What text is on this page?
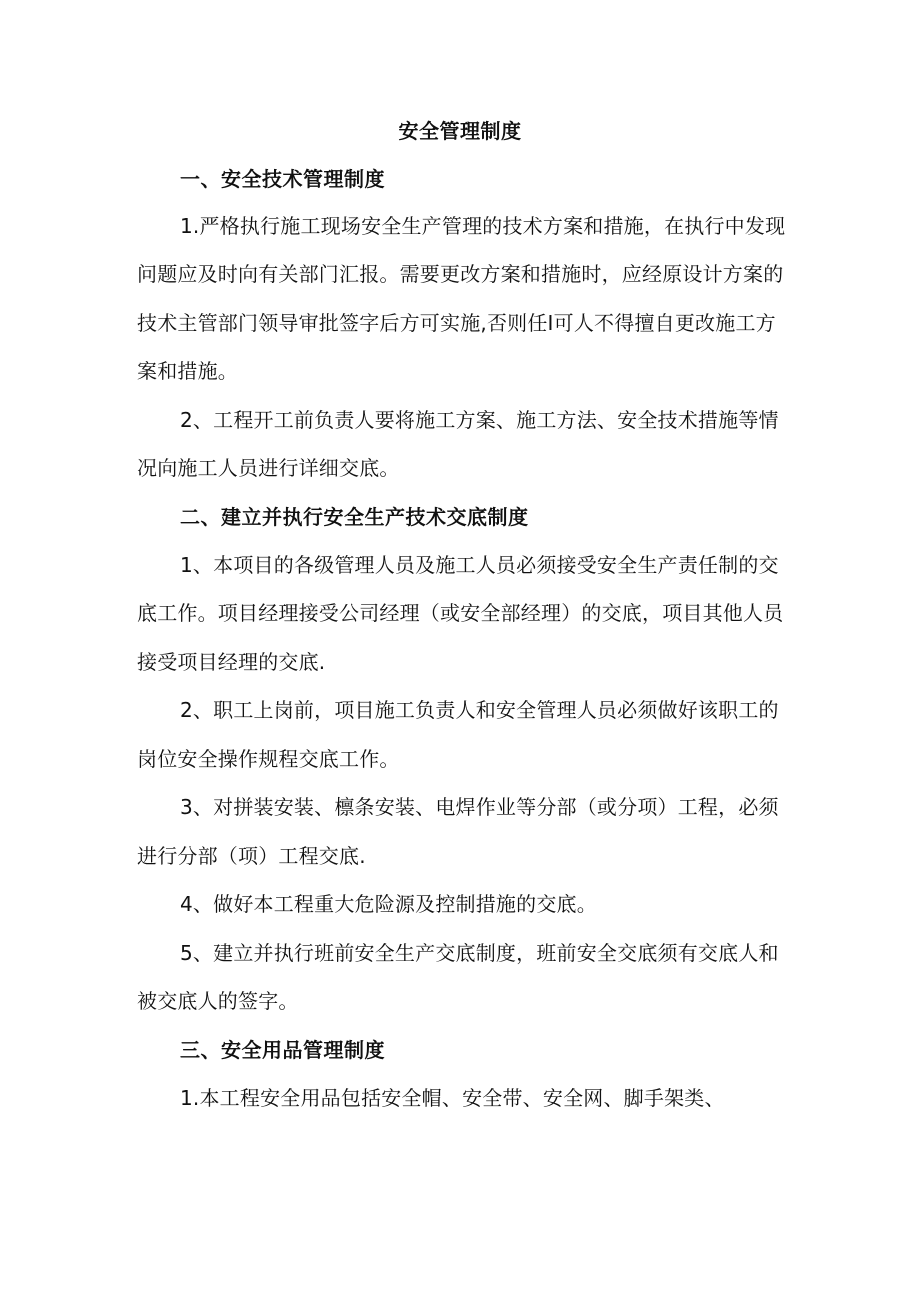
安全管理制度
一、安全技术管理制度
1.严格执行施工现场安全生产管理的技术方案和措施，在执行中发现
问题应及时向有关部门汇报。需要更改方案和措施时，应经原设计方案的
技术主管部门领导审批签字后方可实施,否则任I可人不得擅自更改施工方
案和措施。
2、工程开工前负责人要将施工方案、施工方法、安全技术措施等情
况向施工人员进行详细交底。
二、建立并执行安全生产技术交底制度
1、本项目的各级管理人员及施工人员必须接受安全生产责任制的交
底工作。项目经理接受公司经理（或安全部经理）的交底，项目其他人员
接受项目经理的交底.
2、职工上岗前，项目施工负责人和安全管理人员必须做好该职工的
岗位安全操作规程交底工作。
3、对拼装安装、檩条安装、电焊作业等分部（或分项）工程，必须
进行分部（项）工程交底.
4、做好本工程重大危险源及控制措施的交底。
5、建立并执行班前安全生产交底制度，班前安全交底须有交底人和
被交底人的签字。
三、安全用品管理制度
1.本工程安全用品包括安全帽、安全带、安全网、脚手架类、
